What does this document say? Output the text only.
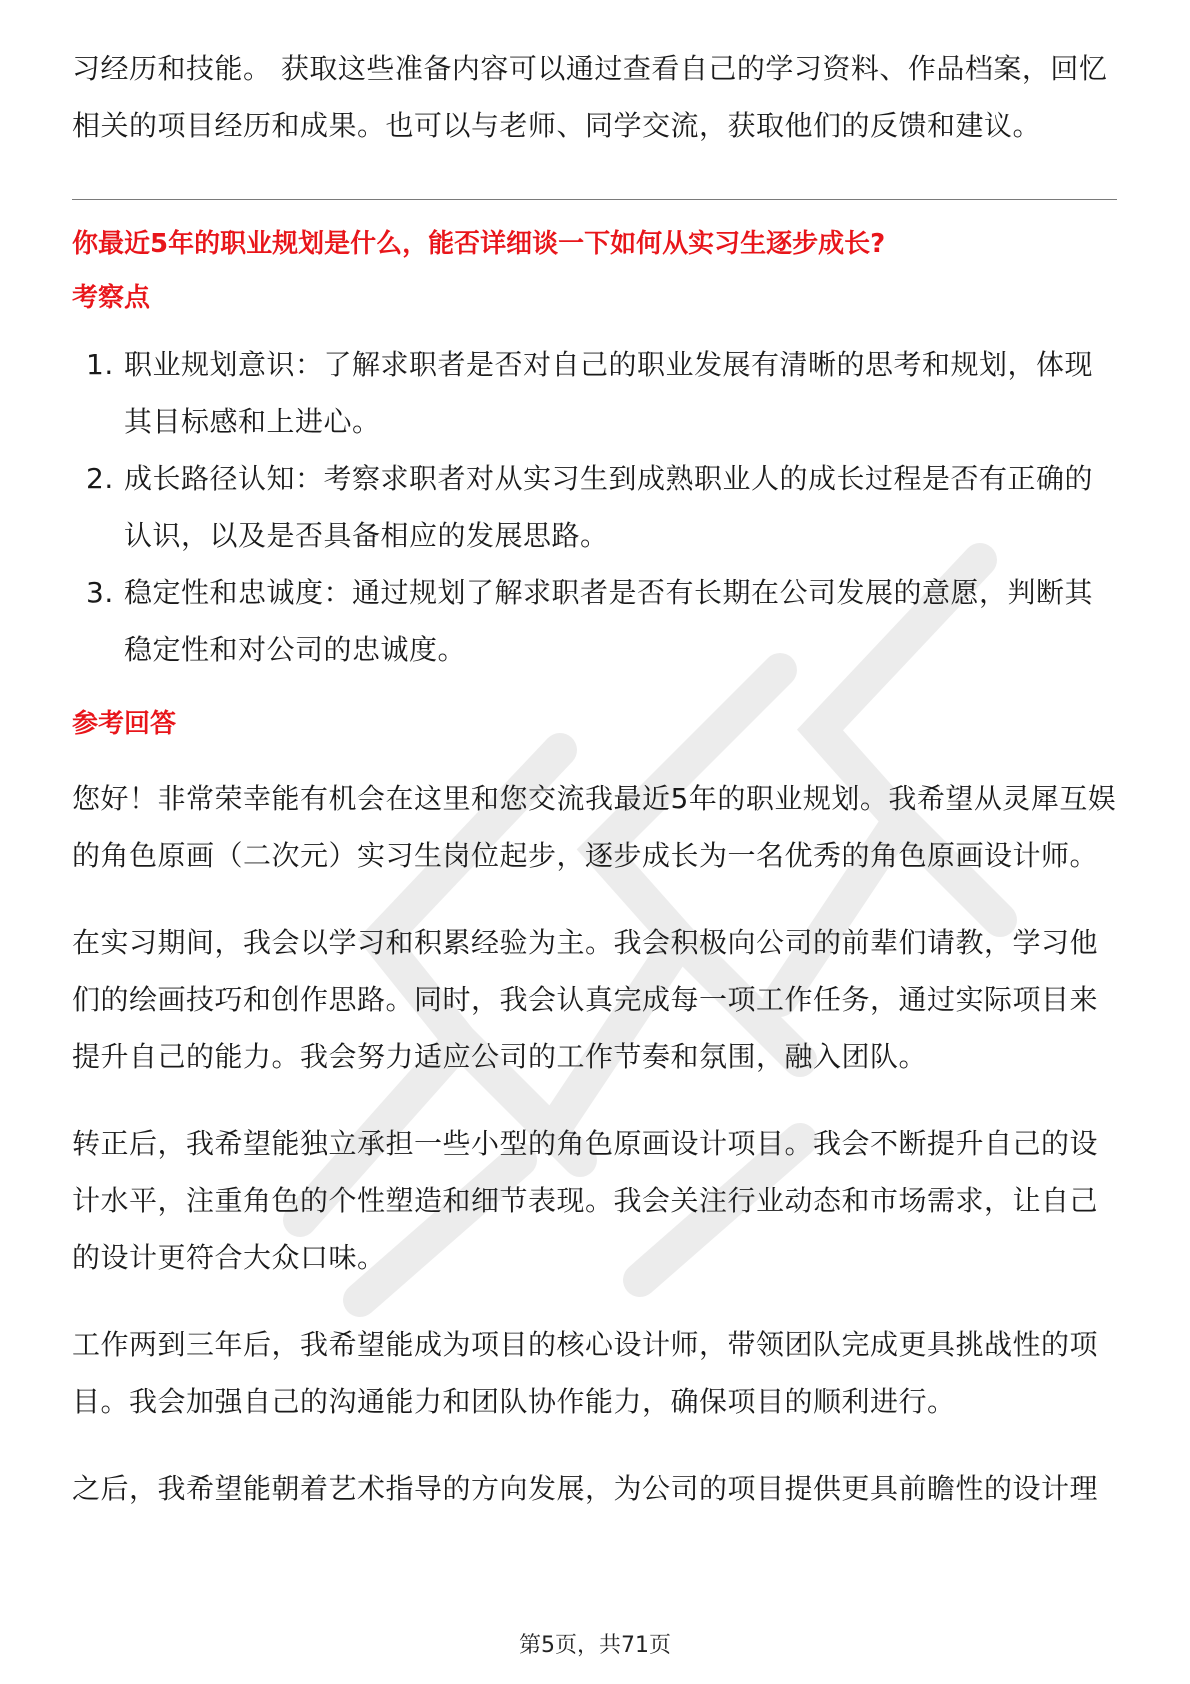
习经历和技能。 获取这些准备内容可以通过查看自己的学习资料、作品档案，回忆相关的项目经历和成果。也可以与老师、同学交流，获取他们的反馈和建议。

你最近5年的职业规划是什么，能否详细谈一下如何从实习生逐步成长?

考察点

1. 职业规划意识：了解求职者是否对自己的职业发展有清晰的思考和规划，体现其目标感和上进心。
2. 成长路径认知：考察求职者对从实习生到成熟职业人的成长过程是否有正确的认识，以及是否具备相应的发展思路。
3. 稳定性和忠诚度：通过规划了解求职者是否有长期在公司发展的意愿，判断其稳定性和对公司的忠诚度。

参考回答

您好！非常荣幸能有机会在这里和您交流我最近5年的职业规划。我希望从灵犀互娱的角色原画（二次元）实习生岗位起步，逐步成长为一名优秀的角色原画设计师。

在实习期间，我会以学习和积累经验为主。我会积极向公司的前辈们请教，学习他们的绘画技巧和创作思路。同时，我会认真完成每一项工作任务，通过实际项目来提升自己的能力。我会努力适应公司的工作节奏和氛围，融入团队。

转正后，我希望能独立承担一些小型的角色原画设计项目。我会不断提升自己的设计水平，注重角色的个性塑造和细节表现。我会关注行业动态和市场需求，让自己的设计更符合大众口味。

工作两到三年后，我希望能成为项目的核心设计师，带领团队完成更具挑战性的项目。我会加强自己的沟通能力和团队协作能力，确保项目的顺利进行。

之后，我希望能朝着艺术指导的方向发展，为公司的项目提供更具前瞻性的设计理

第5页，共71页
